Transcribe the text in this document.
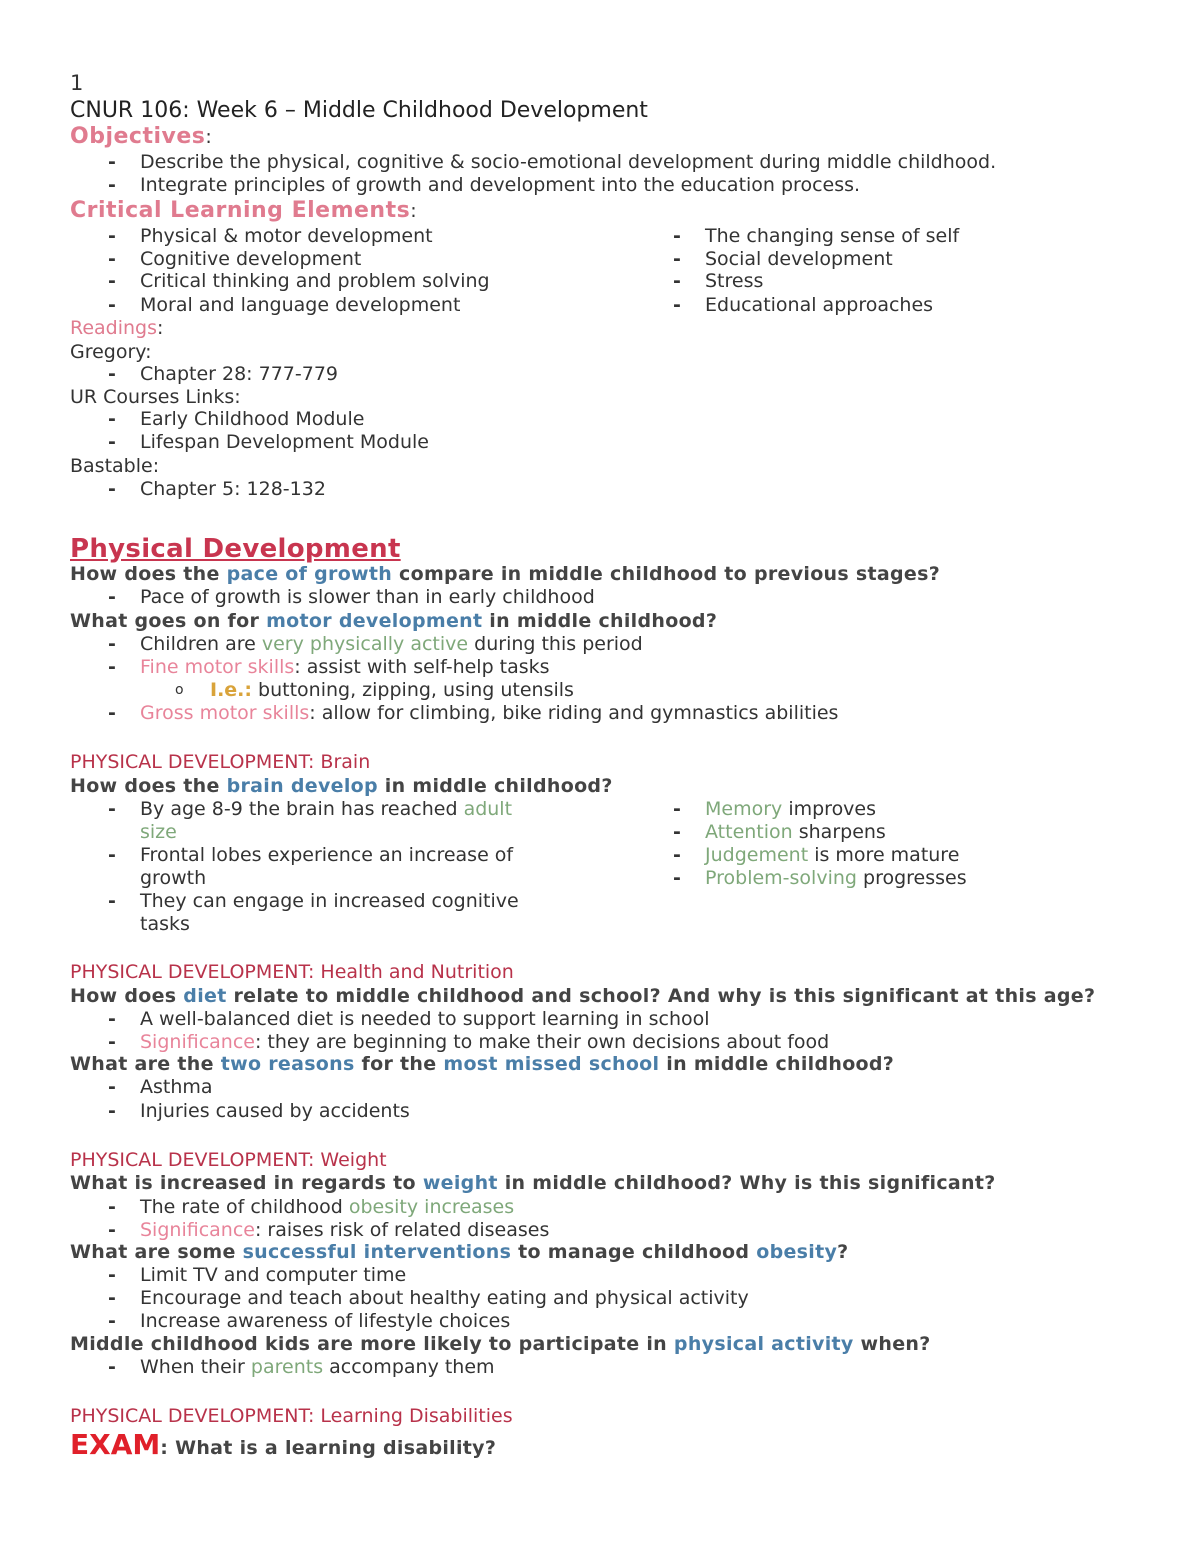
1
CNUR 106: Week 6 – Middle Childhood Development
Objectives:
- Describe the physical, cognitive & socio-emotional development during middle childhood.
- Integrate principles of growth and development into the education process.
Critical Learning Elements:
- Physical & motor development
- Cognitive development
- Critical thinking and problem solving
- Moral and language development
- The changing sense of self
- Social development
- Stress
- Educational approaches
Readings:
Gregory:
- Chapter 28: 777-779
UR Courses Links:
- Early Childhood Module
- Lifespan Development Module
Bastable:
- Chapter 5: 128-132
Physical Development
How does the pace of growth compare in middle childhood to previous stages?
- Pace of growth is slower than in early childhood
What goes on for motor development in middle childhood?
- Children are very physically active during this period
- Fine motor skills: assist with self-help tasks
o I.e.: buttoning, zipping, using utensils
- Gross motor skills: allow for climbing, bike riding and gymnastics abilities
PHYSICAL DEVELOPMENT: Brain
How does the brain develop in middle childhood?
- By age 8-9 the brain has reached adult
size
- Frontal lobes experience an increase of
growth
- They can engage in increased cognitive
tasks
- Memory improves
- Attention sharpens
- Judgement is more mature
- Problem-solving progresses
PHYSICAL DEVELOPMENT: Health and Nutrition
How does diet relate to middle childhood and school? And why is this significant at this age?
- A well-balanced diet is needed to support learning in school
- Significance: they are beginning to make their own decisions about food
What are the two reasons for the most missed school in middle childhood?
- Asthma
- Injuries caused by accidents
PHYSICAL DEVELOPMENT: Weight
What is increased in regards to weight in middle childhood? Why is this significant?
- The rate of childhood obesity increases
- Significance: raises risk of related diseases
What are some successful interventions to manage childhood obesity?
- Limit TV and computer time
- Encourage and teach about healthy eating and physical activity
- Increase awareness of lifestyle choices
Middle childhood kids are more likely to participate in physical activity when?
- When their parents accompany them
PHYSICAL DEVELOPMENT: Learning Disabilities
EXAM: What is a learning disability?
